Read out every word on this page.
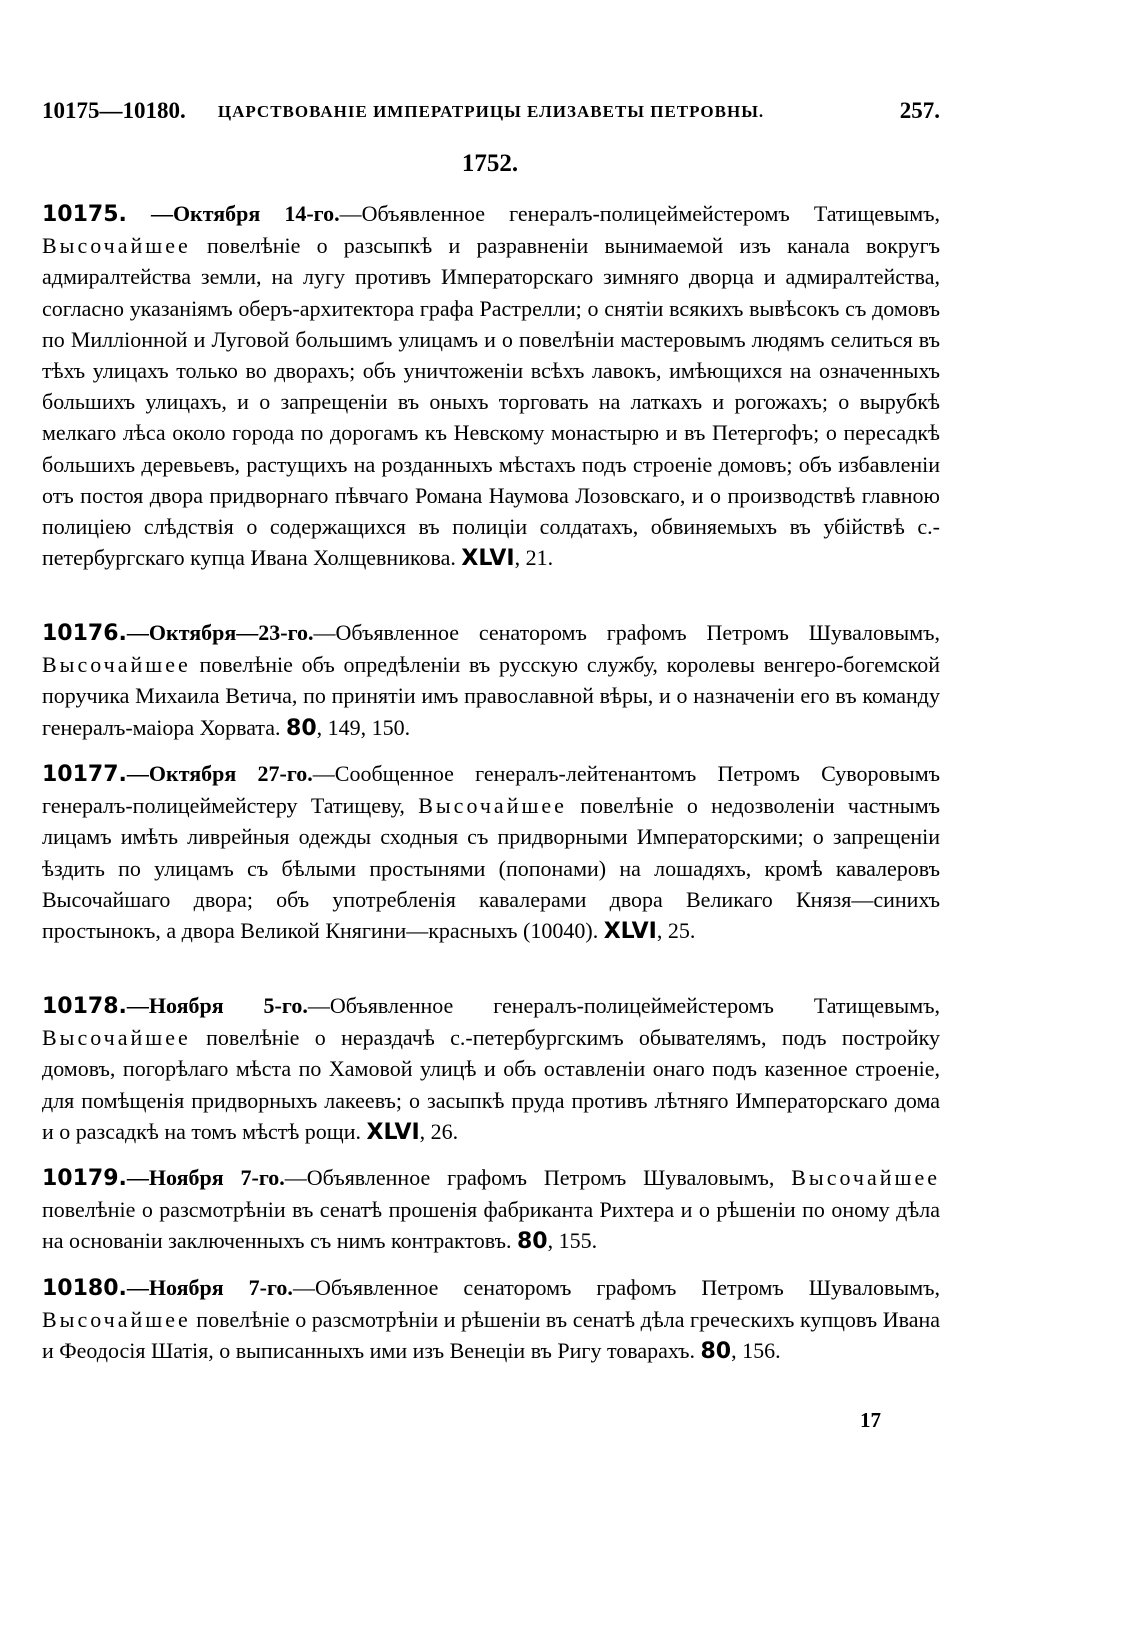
10175—10180.	ЦАРСТВОВАНІЕ ИМПЕРАТРИЦЫ ЕЛИЗАВЕТЫ ПЕТРОВНЫ.	257.
1752.
10175. —Октября 14-го.—Объявленное генералъ-полицеймейстеромъ Татищевымъ, Высочайшее повелѣніе о разсыпкѣ и разравненіи вынимаемой изъ канала вокругъ адмиралтейства земли, на лугу противъ Императорскаго зимняго дворца и адмиралтейства, согласно указаніямъ оберъ-архитектора графа Растрелли; о снятіи всякихъ вывѣсокъ съ домовъ по Милліонной и Луговой большимъ улицамъ и о повелѣніи мастеровымъ людямъ селиться въ тѣхъ улицахъ только во дворахъ; объ уничтоженіи всѣхъ лавокъ, имѣющихся на означенныхъ большихъ улицахъ, и о запрещеніи въ оныхъ торговать на латкахъ и рогожахъ; о вырубкѣ мелкаго лѣса около города по дорогамъ къ Невскому монастырю и въ Петергофъ; о пересадкѣ большихъ деревьевъ, растущихъ на розданныхъ мѣстахъ подъ строеніе домовъ; объ избавленіи отъ постоя двора придворнаго пѣвчаго Романа Наумова Лозовскаго, и о производствѣ главною полиціею слѣдствія о содержащихся въ полиціи солдатахъ, обвиняемыхъ въ убійствѣ с.-петербургскаго купца Ивана Холщевникова. XLVI, 21.
10176.—Октября—23-го.—Объявленное сенаторомъ графомъ Петромъ Шуваловымъ, Высочайшее повелѣніе объ опредѣленіи въ русскую службу, королевы венгеро-богемской поручика Михаила Ветича, по принятіи имъ православной вѣры, и о назначеніи его въ команду генералъ-маіора Хорвата. 80, 149, 150.
10177.—Октября 27-го.—Сообщенное генералъ-лейтенантомъ Петромъ Суворовымъ генералъ-полицеймейстеру Татищеву, Высочайшее повелѣніе о недозволеніи частнымъ лицамъ имѣть ливрейныя одежды сходныя съ придворными Императорскими; о запрещеніи ѣздить по улицамъ съ бѣлыми простынями (попонами) на лошадяхъ, кромѣ кавалеровъ Высочайшаго двора; объ употребленія кавалерами двора Великаго Князя—синихъ простынокъ, а двора Великой Княгини—красныхъ (10040). XLVI, 25.
10178.—Ноября 5-го.—Объявленное генералъ-полицеймейстеромъ Татищевымъ, Высочайшее повелѣніе о нераздачѣ с.-петербургскимъ обывателямъ, подъ постройку домовъ, погорѣлаго мѣста по Хамовой улицѣ и объ оставленіи онаго подъ казенное строеніе, для помѣщенія придворныхъ лакеевъ; о засыпкѣ пруда противъ лѣтняго Императорскаго дома и о разсадкѣ на томъ мѣстѣ рощи. XLVI, 26.
10179.—Ноября 7-го.—Объявленное графомъ Петромъ Шуваловымъ, Высочайшее повелѣніе о разсмотрѣніи въ сенатѣ прошенія фабриканта Рихтера и о рѣшеніи по оному дѣла на основаніи заключенныхъ съ нимъ контрактовъ. 80, 155.
10180.—Ноября 7-го.—Объявленное сенаторомъ графомъ Петромъ Шуваловымъ, Высочайшее повелѣніе о разсмотрѣніи и рѣшеніи въ сенатѣ дѣла греческихъ купцовъ Ивана и Феодосія Шатія, о выписанныхъ ими изъ Венеціи въ Ригу товарахъ. 80, 156.
17
